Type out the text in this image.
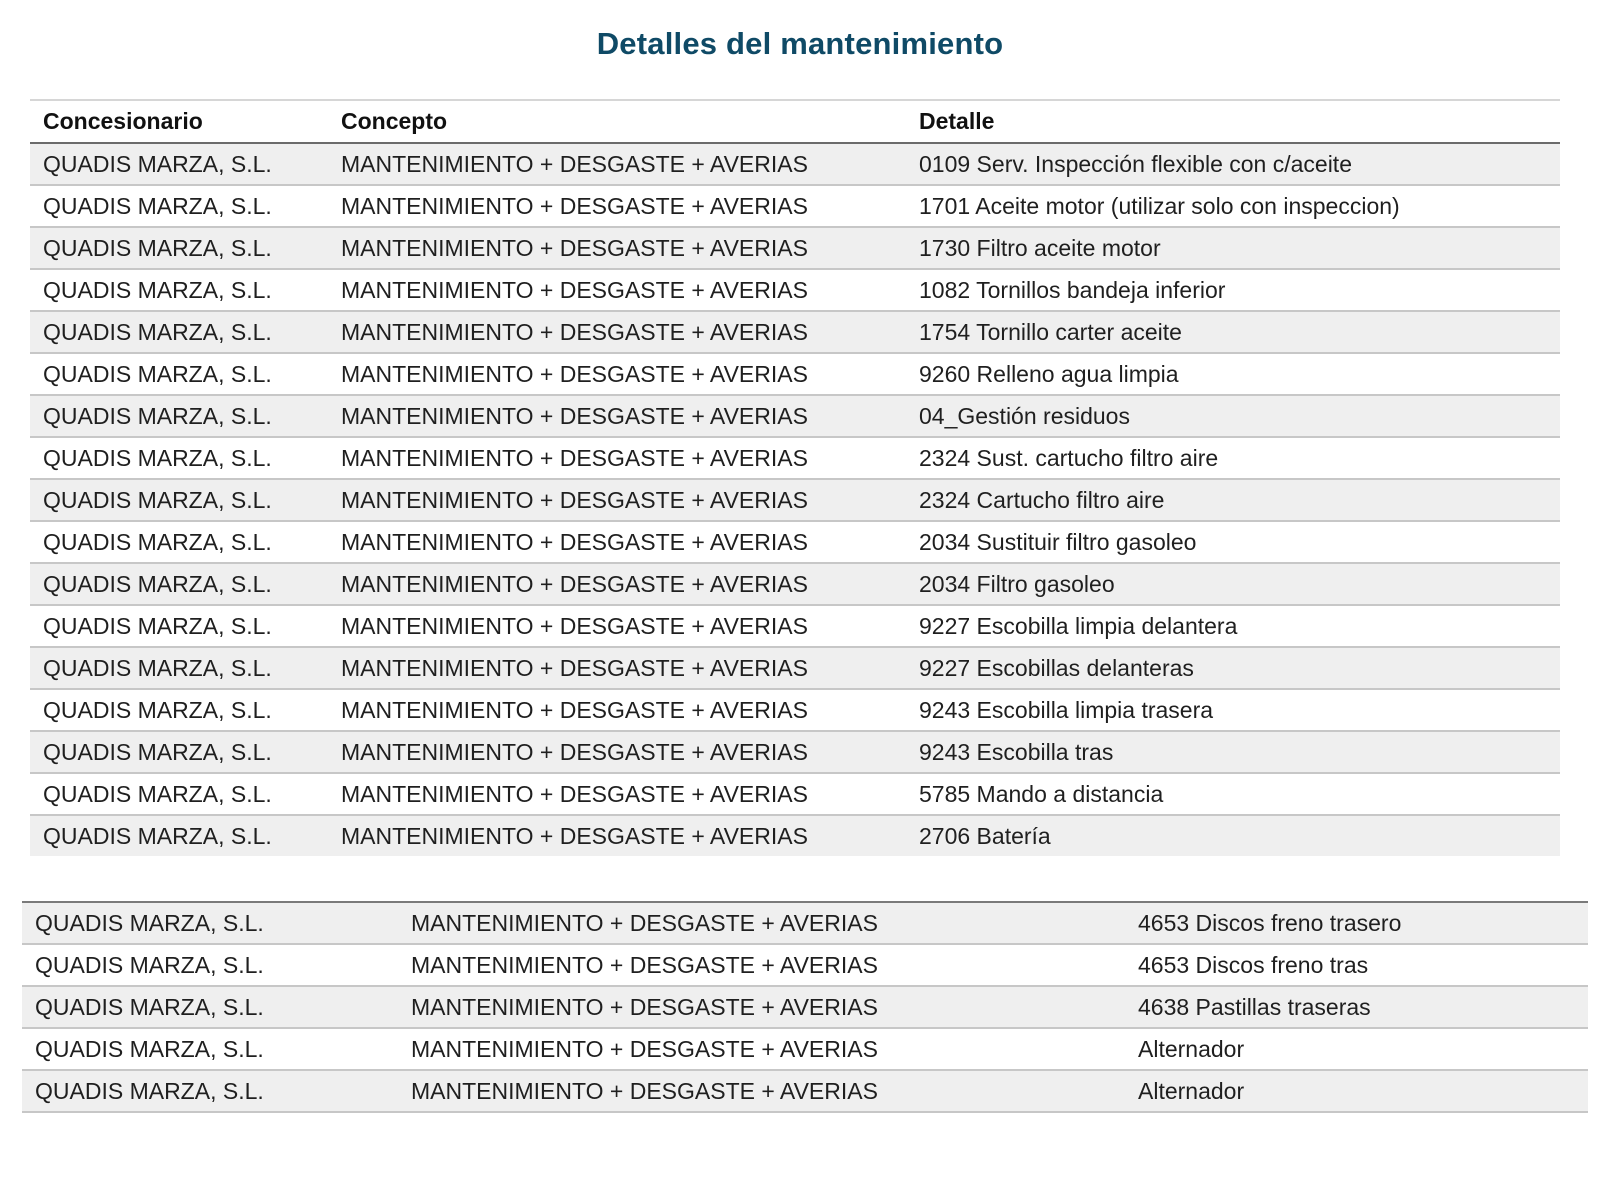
Detalles del mantenimiento
Concesionario	Concepto	Detalle
QUADIS MARZA, S.L.	MANTENIMIENTO + DESGASTE + AVERIAS	0109 Serv. Inspección flexible con c/aceite
QUADIS MARZA, S.L.	MANTENIMIENTO + DESGASTE + AVERIAS	1701 Aceite motor (utilizar solo con inspeccion)
QUADIS MARZA, S.L.	MANTENIMIENTO + DESGASTE + AVERIAS	1730 Filtro aceite motor
QUADIS MARZA, S.L.	MANTENIMIENTO + DESGASTE + AVERIAS	1082 Tornillos bandeja inferior
QUADIS MARZA, S.L.	MANTENIMIENTO + DESGASTE + AVERIAS	1754 Tornillo carter aceite
QUADIS MARZA, S.L.	MANTENIMIENTO + DESGASTE + AVERIAS	9260 Relleno agua limpia
QUADIS MARZA, S.L.	MANTENIMIENTO + DESGASTE + AVERIAS	04_Gestión residuos
QUADIS MARZA, S.L.	MANTENIMIENTO + DESGASTE + AVERIAS	2324 Sust. cartucho filtro aire
QUADIS MARZA, S.L.	MANTENIMIENTO + DESGASTE + AVERIAS	2324 Cartucho filtro aire
QUADIS MARZA, S.L.	MANTENIMIENTO + DESGASTE + AVERIAS	2034 Sustituir filtro gasoleo
QUADIS MARZA, S.L.	MANTENIMIENTO + DESGASTE + AVERIAS	2034 Filtro gasoleo
QUADIS MARZA, S.L.	MANTENIMIENTO + DESGASTE + AVERIAS	9227 Escobilla limpia delantera
QUADIS MARZA, S.L.	MANTENIMIENTO + DESGASTE + AVERIAS	9227 Escobillas delanteras
QUADIS MARZA, S.L.	MANTENIMIENTO + DESGASTE + AVERIAS	9243 Escobilla limpia trasera
QUADIS MARZA, S.L.	MANTENIMIENTO + DESGASTE + AVERIAS	9243 Escobilla tras
QUADIS MARZA, S.L.	MANTENIMIENTO + DESGASTE + AVERIAS	5785 Mando a distancia
QUADIS MARZA, S.L.	MANTENIMIENTO + DESGASTE + AVERIAS	2706 Batería
QUADIS MARZA, S.L.	MANTENIMIENTO + DESGASTE + AVERIAS	4653 Discos freno trasero
QUADIS MARZA, S.L.	MANTENIMIENTO + DESGASTE + AVERIAS	4653 Discos freno tras
QUADIS MARZA, S.L.	MANTENIMIENTO + DESGASTE + AVERIAS	4638 Pastillas traseras
QUADIS MARZA, S.L.	MANTENIMIENTO + DESGASTE + AVERIAS	Alternador
QUADIS MARZA, S.L.	MANTENIMIENTO + DESGASTE + AVERIAS	Alternador
